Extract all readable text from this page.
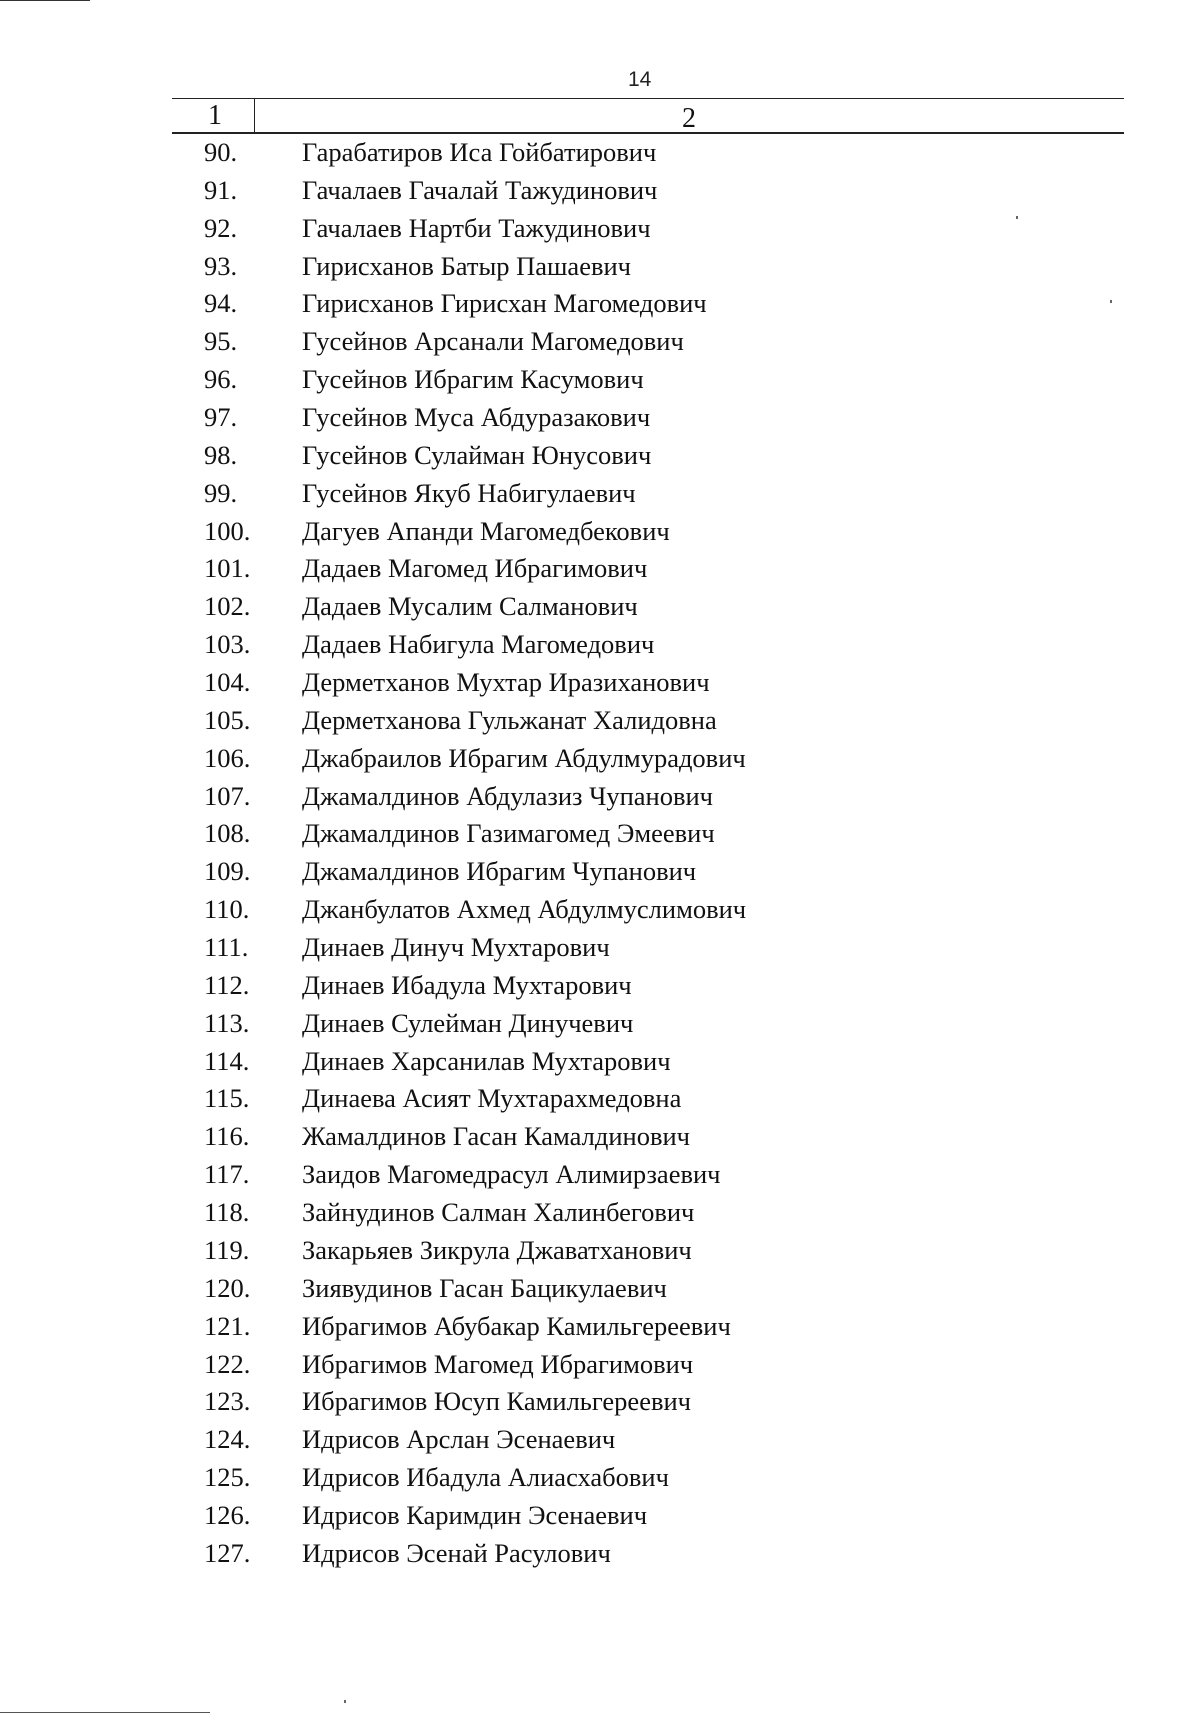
14
1	2
90. Гарабатиров Иса Гойбатирович
91. Гачалаев Гачалай Тажудинович
92. Гачалаев Нартби Тажудинович
93. Гирисханов Батыр Пашаевич
94. Гирисханов Гирисхан Магомедович
95. Гусейнов Арсанали Магомедович
96. Гусейнов Ибрагим Касумович
97. Гусейнов Муса Абдуразакович
98. Гусейнов Сулайман Юнусович
99. Гусейнов Якуб Набигулаевич
100. Дагуев Апанди Магомедбекович
101. Дадаев Магомед Ибрагимович
102. Дадаев Мусалим Салманович
103. Дадаев Набигула Магомедович
104. Дерметханов Мухтар Иразиханович
105. Дерметханова Гульжанат Халидовна
106. Джабраилов Ибрагим Абдулмурадович
107. Джамалдинов Абдулазиз Чупанович
108. Джамалдинов Газимагомед Эмеевич
109. Джамалдинов Ибрагим Чупанович
110. Джанбулатов Ахмед Абдулмуслимович
111. Динаев Динуч Мухтарович
112. Динаев Ибадула Мухтарович
113. Динаев Сулейман Динучевич
114. Динаев Харсанилав Мухтарович
115. Динаева Асият Мухтарахмедовна
116. Жамалдинов Гасан Камалдинович
117. Заидов Магомедрасул Алимирзаевич
118. Зайнудинов Салман Халинбегович
119. Закарьяев Зикрула Джаватханович
120. Зиявудинов Гасан Бацикулаевич
121. Ибрагимов Абубакар Камильгереевич
122. Ибрагимов Магомед Ибрагимович
123. Ибрагимов Юсуп Камильгереевич
124. Идрисов Арслан Эсенаевич
125. Идрисов Ибадула Алиасхабович
126. Идрисов Каримдин Эсенаевич
127. Идрисов Эсенай Расулович
